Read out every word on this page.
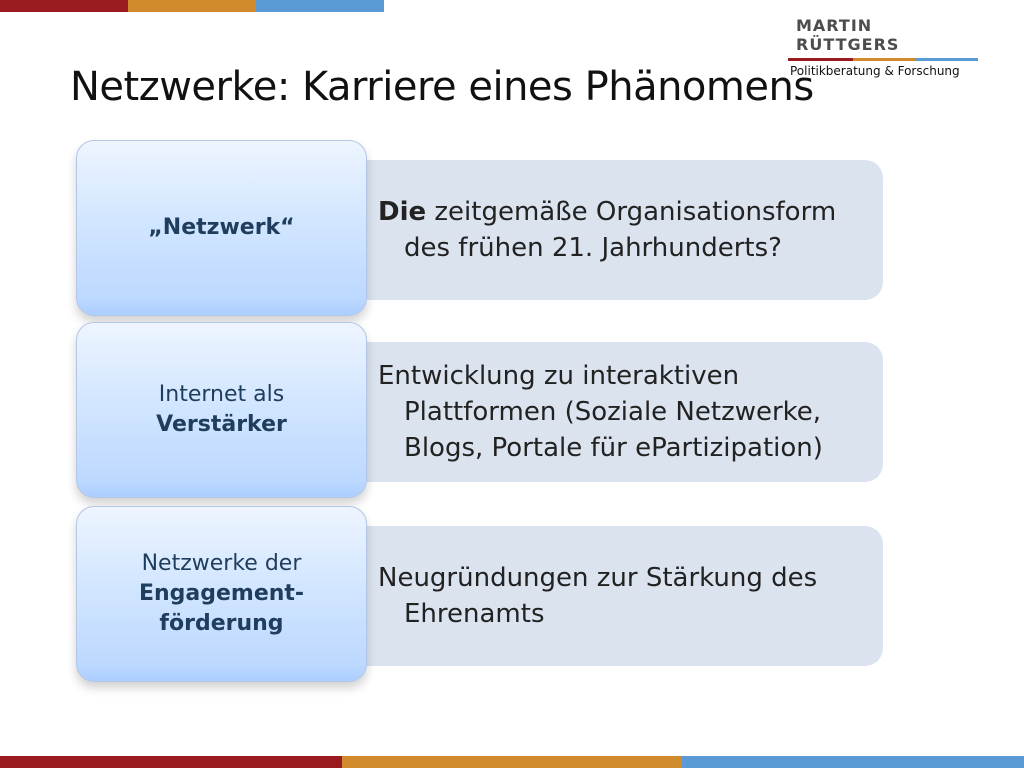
MARTIN RÜTTGERS
Politikberatung & Forschung
Netzwerke: Karriere eines Phänomens
Die zeitgemäße Organisationsform
des frühen 21. Jahrhunderts?
„Netzwerk“
Entwicklung zu interaktiven
Plattformen (Soziale Netzwerke,
Blogs, Portale für ePartizipation)
Internet als
Verstärker
Neugründungen zur Stärkung des
Ehrenamts
Netzwerke der
Engagement-
förderung
